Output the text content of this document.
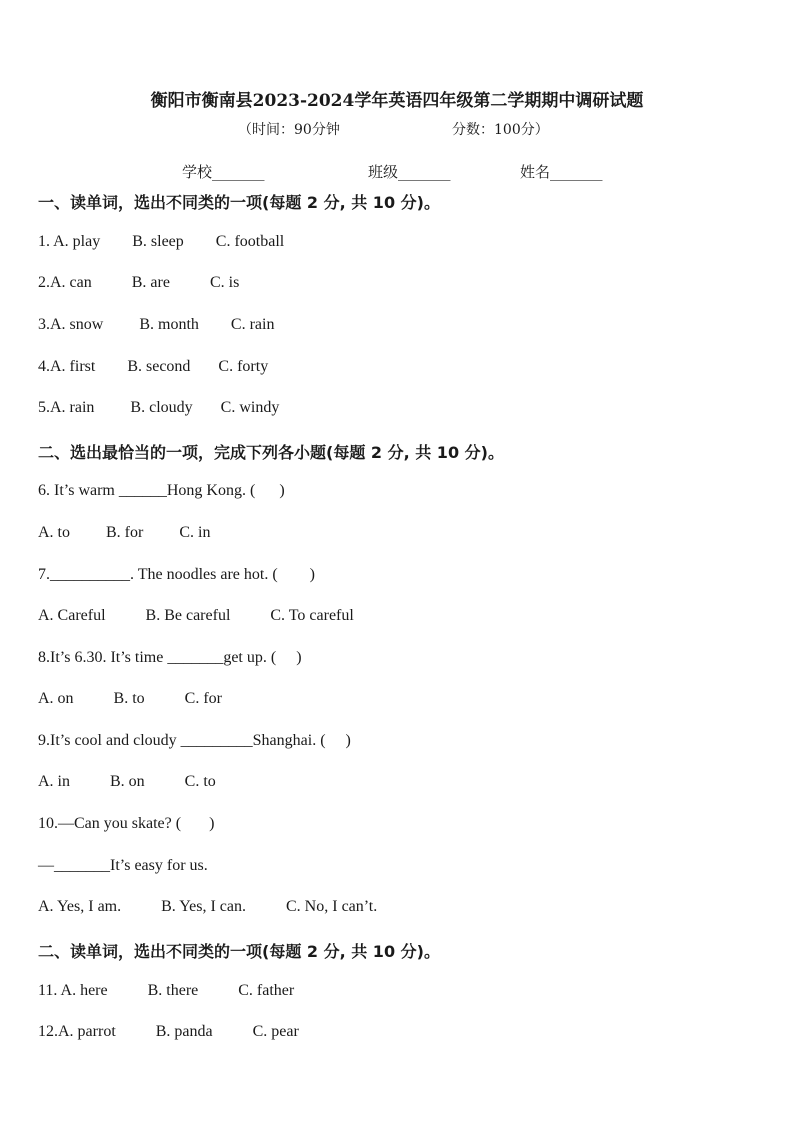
衡阳市衡南县2023-2024学年英语四年级第二学期期中调研试题
（时间：90分钟	分数：100分）
学校_______	班级_______	姓名_______
一、读单词，选出不同类的一项(每题 2 分, 共 10 分)。
1. A. play        B. sleep        C. football
2.A. can          B. are          C. is
3.A. snow         B. month        C. rain
4.A. first        B. second       C. forty
5.A. rain         B. cloudy       C. windy
二、选出最恰当的一项，完成下列各小题(每题 2 分, 共 10 分)。
6. It’s warm ______Hong Kong. (      )
A. to         B. for         C. in
7.__________. The noodles are hot. (        )
A. Careful          B. Be careful          C. To careful
8.It’s 6.30. It’s time _______get up. (     )
A. on          B. to          C. for
9.It’s cool and cloudy _________Shanghai. (     )
A. in          B. on          C. to
10.—Can you skate? (       )
—_______It’s easy for us.
A. Yes, I am.          B. Yes, I can.          C. No, I can’t.
二、读单词，选出不同类的一项(每题 2 分, 共 10 分)。
11. A. here          B. there          C. father
12.A. parrot          B. panda          C. pear
